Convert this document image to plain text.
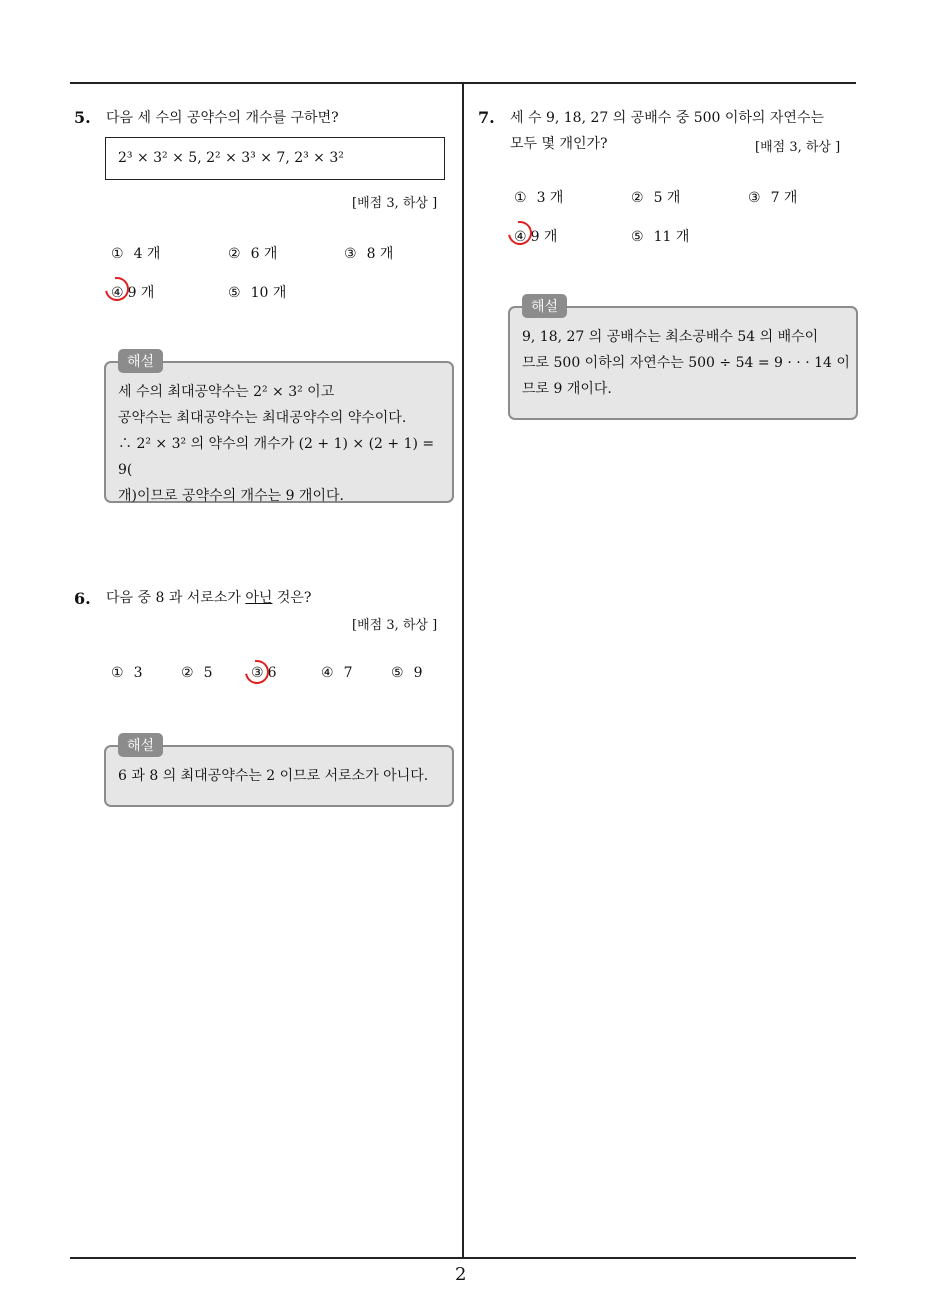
2
5. 다음 세 수의 공약수의 개수를 구하면?
2³ × 3² × 5, 2² × 3³ × 7, 2³ × 3²
[배점 3, 하상 ]
① 4 개	② 6 개	③ 8 개
④ 9 개	⑤ 10 개
세 수의 최대공약수는 2² × 3² 이고
공약수는 최대공약수는 최대공약수의 약수이다.
∴ 2² × 3² 의 약수의 개수가 (2 + 1) × (2 + 1) = 9(
개)이므로 공약수의 개수는 9 개이다.
해설
6. 다음 중 8 과 서로소가 아닌 것은?
[배점 3, 하상 ]
① 3	② 5	③ 6	④ 7	⑤ 9
6 과 8 의 최대공약수는 2 이므로 서로소가 아니다.
해설
7. 세 수 9, 18, 27 의 공배수 중 500 이하의 자연수는
모두 몇 개인가?	[배점 3, 하상 ]
① 3 개	② 5 개	③ 7 개
④ 9 개	⑤ 11 개
9, 18, 27 의 공배수는 최소공배수 54 의 배수이
므로 500 이하의 자연수는 500 ÷ 54 = 9 · · · 14 이
므로 9 개이다.
해설
